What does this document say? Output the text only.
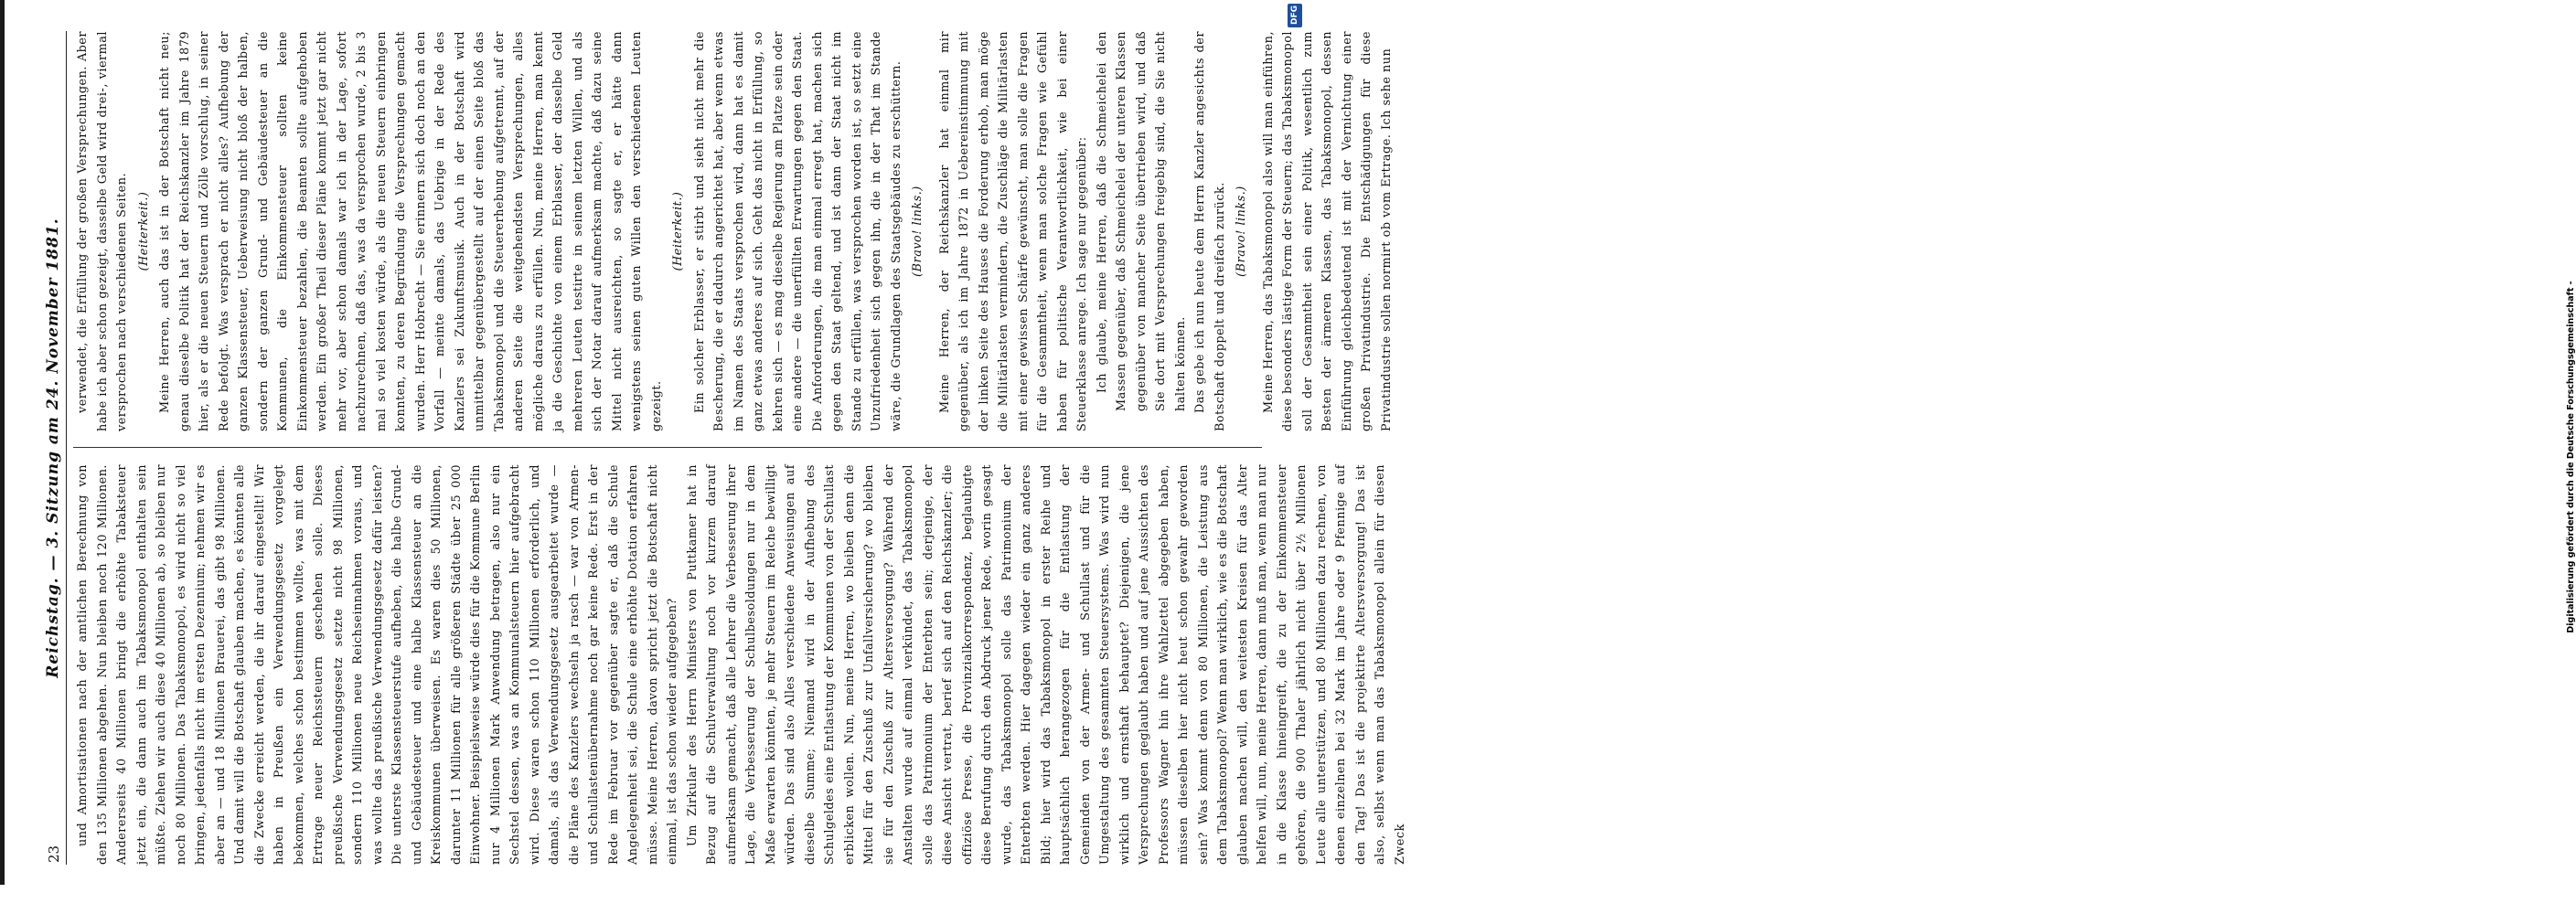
23
Reichstag. — 3. Sitzung am 24. November 1881. und Amortisationen nach der amtlichen Berechnung von den 135 Millionen abgehen. Nun bleiben noch 120 Millionen. Andererseits 40 Millionen bringt die erhöhte Tabaksteuer jetzt ein, die dann auch im Tabaksmonopol enthalten sein müßte. Ziehen wir auch diese 40 Millionen ab, so bleiben nur noch 80 Millionen. Das Tabaksmonopol, es wird nicht so viel bringen, jedenfalls nicht im ersten Dezennium; nehmen wir es aber an — und 18 Millionen Brauerei, das gibt 98 Millionen. Und damit will die Botschaft glauben machen, es könnten alle die Zwecke erreicht werden, die ihr darauf eingestellt! Wir haben in Preußen ein Verwendungsgesetz vorgelegt bekommen, welches schon bestimmen wollte, was mit dem Ertrage neuer Reichssteuern geschehen solle. Dieses preußische Verwendungsgesetz setzte nicht 98 Millionen, sondern 110 Millionen neue Reichseinnahmen voraus, und was wollte das preußische Verwendungsgesetz dafür leisten? Die unterste Klassensteuerstufe aufheben, die halbe Grund- und Gebäudesteuer und eine halbe Klassensteuer an die Kreiskommunen überweisen. Es waren dies 50 Millionen, darunter 11 Millionen für alle größeren Städte über 25 000 Einwohner. Beispielsweise würde dies für die Kommune Berlin nur 4 Millionen Mark Anwendung betragen, also nur ein Sechstel dessen, was an Kommunalsteuern hier aufgebracht wird. Diese waren schon 110 Millionen erforderlich, und damals, als das Verwendungsgesetz ausgearbeitet wurde — die Pläne des Kanzlers wechseln ja rasch — war von Armen- und Schullastenübernahme noch gar keine Rede. Erst in der Rede im Februar vor gegenüber sagte er, daß die Schule Angelegenheit sei, die Schule eine erhöhte Dotation erfahren müsse. Meine Herren, davon spricht jetzt die Botschaft nicht einmal, ist das schon wieder aufgegeben? Um Zirkular des Herrn Ministers von Puttkamer hat in Bezug auf die Schulverwaltung noch vor kurzem darauf aufmerksam gemacht, daß alle Lehrer die Verbesserung ihrer Lage, die Verbesserung der Schulbesoldungen nur in dem Maße erwarten könnten, je mehr Steuern im Reiche bewilligt würden. Das sind also Alles verschiedene Anweisungen auf dieselbe Summe; Niemand wird in der Aufhebung des Schulgeldes eine Entlastung der Kommunen von der Schullast erblicken wollen. Nun, meine Herren, wo bleiben denn die Mittel für den Zuschuß zur Unfallversicherung? wo bleiben sie für den Zuschuß zur Altersversorgung? Während der Anstalten wurde auf einmal verkündet, das Tabaksmonopol solle das Patrimonium der Enterbten sein; derjenige, der diese Ansicht vertrat, berief sich auf den Reichskanzler; die offiziöse Presse, die Provinzialkorrespondenz, beglaubigte diese Berufung durch den Abdruck jener Rede, worin gesagt wurde, das Tabaksmonopol solle das Patrimonium der Enterbten werden. Hier dagegen wieder ein ganz anderes Bild; hier wird das Tabaksmonopol in erster Reihe und hauptsächlich herangezogen für die Entlastung der Gemeinden von der Armen- und Schullast und für die Umgestaltung des gesammten Steuersystems. Was wird nun wirklich und ernsthaft behauptet? Diejenigen, die jene Versprechungen geglaubt haben und auf jene Aussichten des Professors Wagner hin ihre Wahlzettel abgegeben haben, müssen dieselben hier nicht heut schon gewahr geworden sein? Was kommt denn von 80 Millionen, die Leistung aus dem Tabaksmonopol? Wenn man wirklich, wie es die Botschaft glauben machen will, den weitesten Kreisen für das Alter helfen will, nun, meine Herren, dann muß man, wenn man nur in die Klasse hineingreift, die zu der Einkommensteuer gehören, die 900 Thaler jährlich nicht über 2½ Millionen Leute alle unterstützen, und 80 Millionen dazu rechnen, von denen einzelnen bei 32 Mark im Jahre oder 9 Pfennige auf den Tag! Das ist die projektirte Altersversorgung! Das ist also, selbst wenn man das Tabaksmonopol allein für diesen Zweck

verwendet, die Erfüllung der großen Versprechungen. Aber habe ich aber schon gezeigt, dasselbe Geld wird drei-, viermal versprochen nach verschiedenen Seiten. (Heiterkeit.) Meine Herren, auch das ist in der Botschaft nicht neu; genau dieselbe Politik hat der Reichskanzler im Jahre 1879 hier, als er die neuen Steuern und Zölle vorschlug, in seiner Rede befolgt. Was versprach er nicht alles? Aufhebung der ganzen Klassensteuer, Ueberweisung nicht bloß der halben, sondern der ganzen Grund- und Gebäudesteuer an die Kommunen, die Einkommensteuer sollten keine Einkommensteuer bezahlen, die Beamten sollte aufgehoben werden. Ein großer Theil dieser Pläne kommt jetzt gar nicht mehr vor, aber schon damals war ich in der Lage, sofort nachzurechnen, daß das, was da versprochen wurde, 2 bis 3 mal so viel kosten würde, als die neuen Steuern einbringen konnten, zu deren Begründung die Versprechungen gemacht wurden. Herr Hobrecht — Sie erinnern sich doch noch an den Vorfall — meinte damals, das Uebrige in der Rede des Kanzlers sei Zukunftsmusik. Auch in der Botschaft wird unmittelbar gegenübergestellt auf der einen Seite bloß das Tabaksmonopol und die Steuererhebung aufgetrennt, auf der anderen Seite die weitgehendsten Versprechungen, alles mögliche daraus zu erfüllen. Nun, meine Herren, man kennt ja die Geschichte von einem Erblasser, der dasselbe Geld mehreren Leuten testirte in seinem letzten Willen, und als sich der Notar darauf aufmerksam machte, daß dazu seine Mittel nicht ausreichten, so sagte er, er hätte dann wenigstens seinen guten Willen den verschiedenen Leuten gezeigt.

(Heiterkeit.) Ein solcher Erblasser, er stirbt und sieht nicht mehr die Bescherung, die er dadurch angerichtet hat, aber wenn etwas im Namen des Staats versprochen wird, dann hat es damit ganz etwas anderes auf sich. Geht das nicht in Erfüllung, so kehren sich — es mag dieselbe Regierung am Platze sein oder eine andere — die unerfüllten Erwartungen gegen den Staat. Die Anforderungen, die man einmal erregt hat, machen sich gegen den Staat geltend, und ist dann der Staat nicht im Stande zu erfüllen, was versprochen worden ist, so setzt eine Unzufriedenheit sich gegen ihn, die in der That im Stande wäre, die Grundlagen des Staatsgebäudes zu erschüttern. (Bravo! links.) Meine Herren, der Reichskanzler hat einmal mir gegenüber, als ich im Jahre 1872 in Uebereinstimmung mit der linken Seite des Hauses die Forderung erhob, man möge die Militärlasten vermindern, die Zuschläge die Militärlasten mit einer gewissen Schärfe gewünscht, man solle die Fragen für die Gesammtheit, wenn man solche Fragen wie Gefühl haben für politische Verantwortlichkeit, wie bei einer Steuerklasse anrege. Ich sage nur gegenüber: Ich glaube, meine Herren, daß die Schmeichelei den Massen gegenüber, daß Schmeichelei der unteren Klassen gegenüber von mancher Seite übertrieben wird, und daß Sie dort mit Versprechungen freigebig sind, die Sie nicht halten können. Das gebe ich nun heute dem Herrn Kanzler angesichts der Botschaft doppelt und dreifach zurück. (Bravo! links.) Meine Herren, das Tabaksmonopol also will man einführen, diese besonders lästige Form der Steuern; das Tabaksmonopol soll der Gesammtheit sein einer Politik, wesentlich zum Besten der ärmeren Klassen, das Tabaksmonopol, dessen Einführung gleichbedeutend ist mit der Vernichtung einer großen Privatindustrie. Die Entschädigungen für diese Privatindustrie sollen normirt ob vom Ertrage. Ich sehe nun

Digitalisierung gefördert durch die Deutsche Forschungsgemeinschaft -
DFG
